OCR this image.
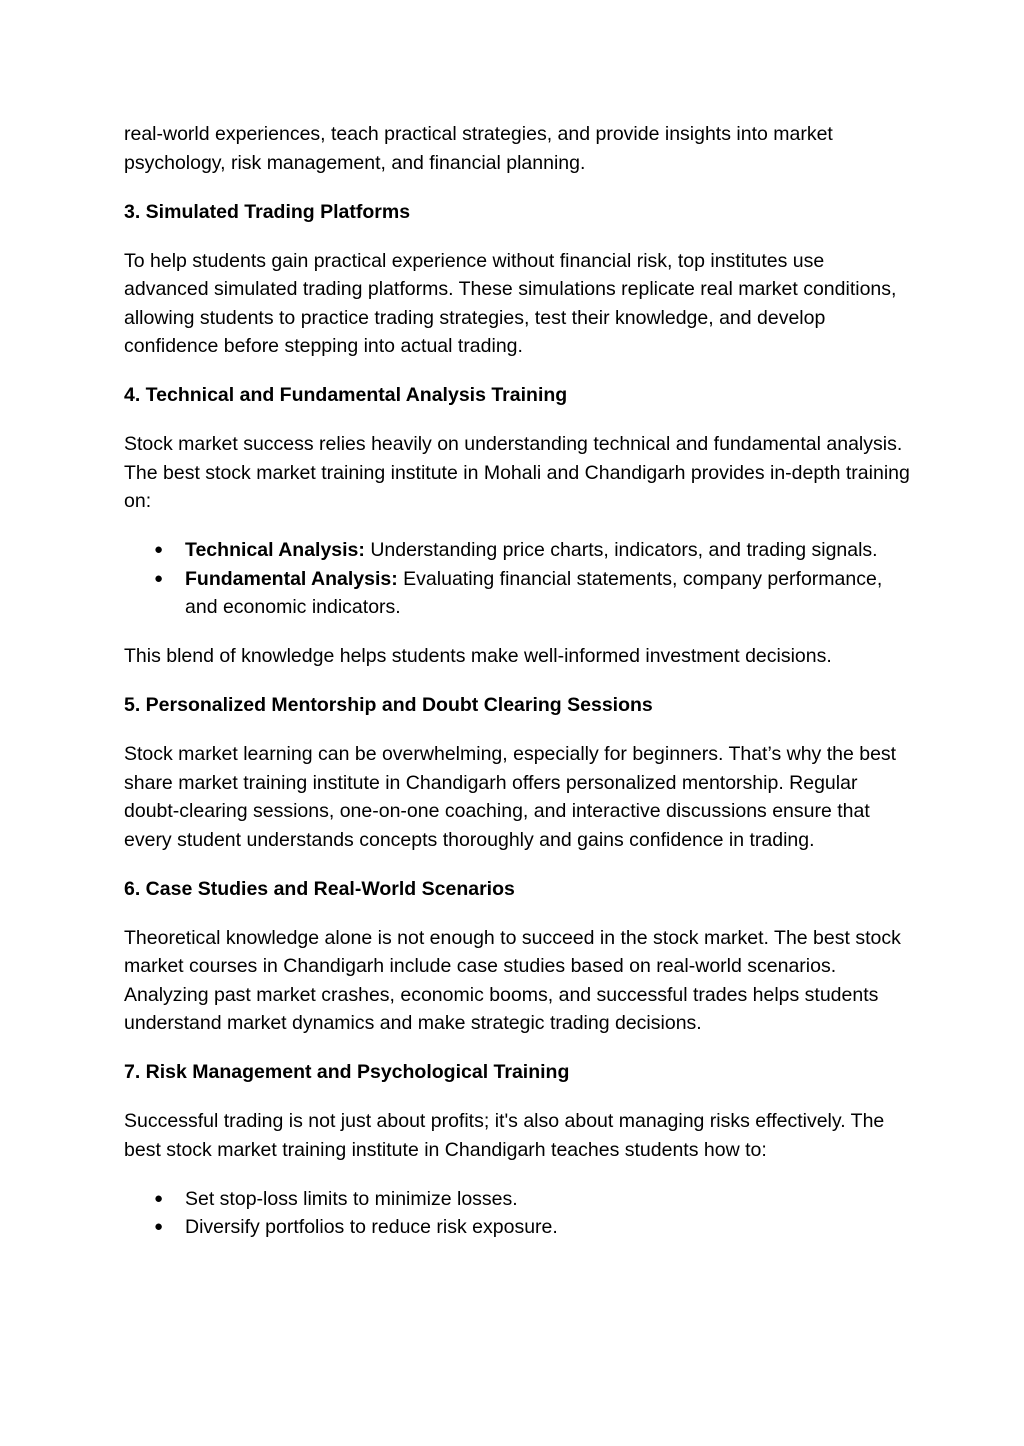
real-world experiences, teach practical strategies, and provide insights into market psychology, risk management, and financial planning.

3. Simulated Trading Platforms

To help students gain practical experience without financial risk, top institutes use advanced simulated trading platforms. These simulations replicate real market conditions, allowing students to practice trading strategies, test their knowledge, and develop confidence before stepping into actual trading.

4. Technical and Fundamental Analysis Training

Stock market success relies heavily on understanding technical and fundamental analysis. The best stock market training institute in Mohali and Chandigarh provides in-depth training on:

● Technical Analysis: Understanding price charts, indicators, and trading signals.
● Fundamental Analysis: Evaluating financial statements, company performance, and economic indicators.

This blend of knowledge helps students make well-informed investment decisions.

5. Personalized Mentorship and Doubt Clearing Sessions

Stock market learning can be overwhelming, especially for beginners. That’s why the best share market training institute in Chandigarh offers personalized mentorship. Regular doubt-clearing sessions, one-on-one coaching, and interactive discussions ensure that every student understands concepts thoroughly and gains confidence in trading.

6. Case Studies and Real-World Scenarios

Theoretical knowledge alone is not enough to succeed in the stock market. The best stock market courses in Chandigarh include case studies based on real-world scenarios. Analyzing past market crashes, economic booms, and successful trades helps students understand market dynamics and make strategic trading decisions.

7. Risk Management and Psychological Training

Successful trading is not just about profits; it's also about managing risks effectively. The best stock market training institute in Chandigarh teaches students how to:

● Set stop-loss limits to minimize losses.
● Diversify portfolios to reduce risk exposure.
